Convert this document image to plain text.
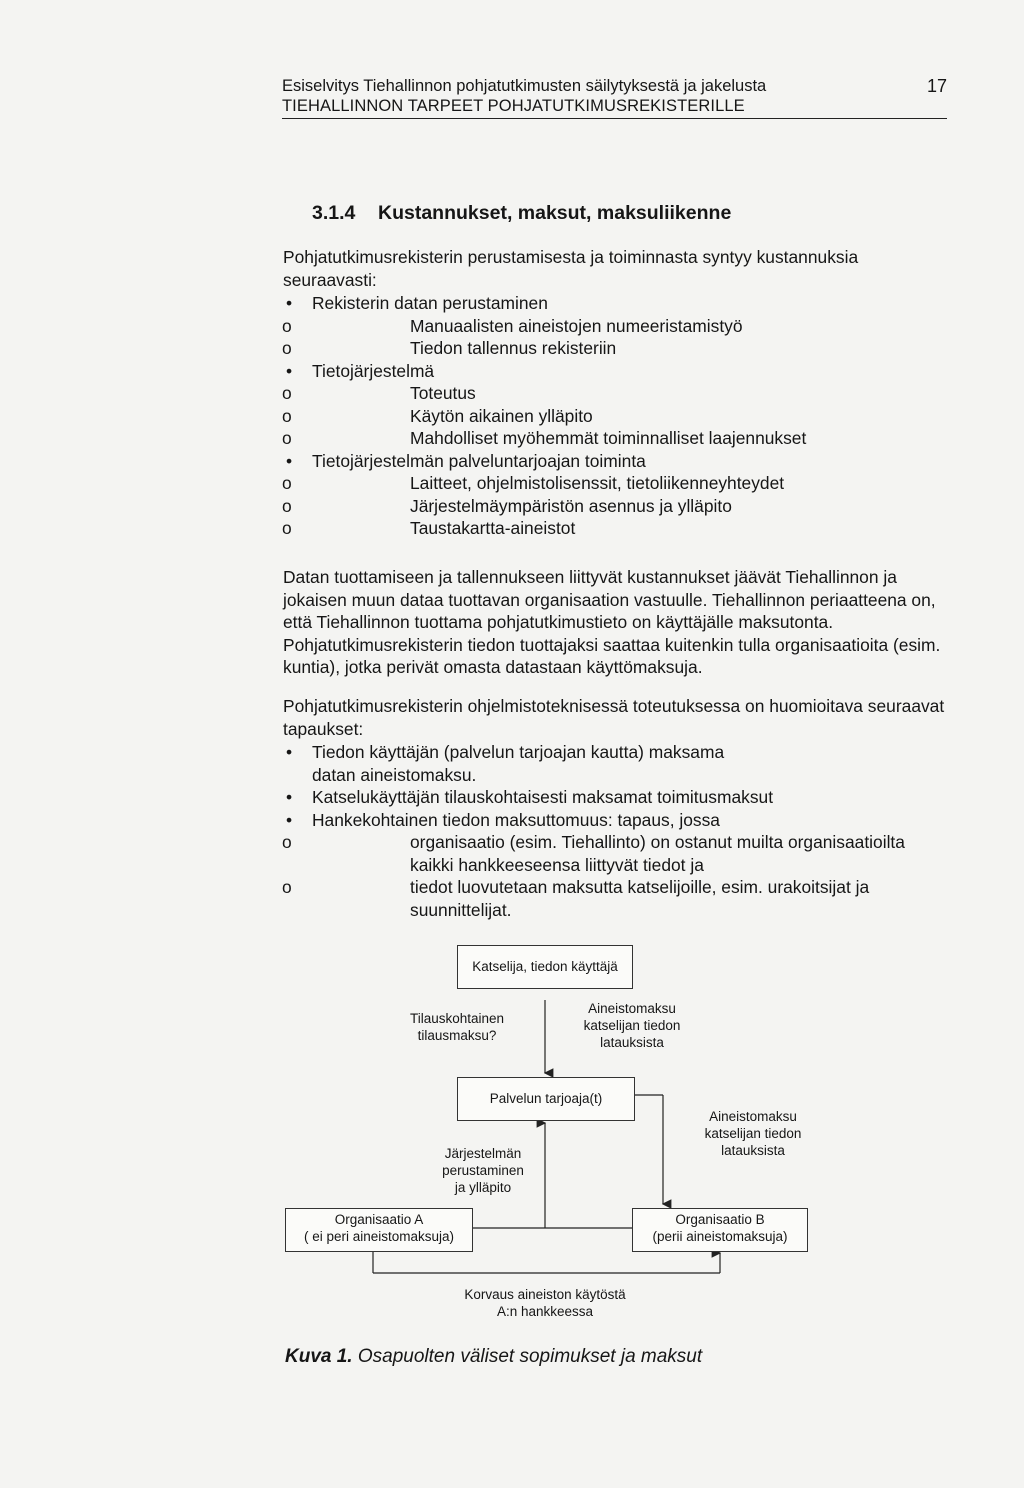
Esiselvitys Tiehallinnon pohjatutkimusten säilytyksestä ja jakelusta
TIEHALLINNON TARPEET POHJATUTKIMUSREKISTERILLE
17
3.1.4 Kustannukset, maksut, maksuliikenne
Pohjatutkimusrekisterin perustamisesta ja toiminnasta syntyy kustannuksia seuraavasti:
• Rekisterin datan perustaminen
o	Manuaalisten aineistojen numeeristamistyö
o	Tiedon tallennus rekisteriin
• Tietojärjestelmä
o	Toteutus
o	Käytön aikainen ylläpito
o	Mahdolliset myöhemmät toiminnalliset laajennukset
• Tietojärjestelmän palveluntarjoajan toiminta
o	Laitteet, ohjelmistolisenssit, tietoliikenneyhteydet
o	Järjestelmäympäristön asennus ja ylläpito
o	Taustakartta-aineistot
Datan tuottamiseen ja tallennukseen liittyvät kustannukset jäävät Tiehallinnon ja jokaisen muun dataa tuottavan organisaation vastuulle. Tiehallinnon periaatteena on, että Tiehallinnon tuottama pohjatutkimustieto on käyttäjälle maksutonta. Pohjatutkimusrekisterin tiedon tuottajaksi saattaa kuitenkin tulla organisaatioita (esim. kuntia), jotka perivät omasta datastaan käyttömaksuja.
Pohjatutkimusrekisterin ohjelmistoteknisessä toteutuksessa on huomioitava seuraavat tapaukset:
• Tiedon käyttäjän (palvelun tarjoajan kautta) maksama datan aineistomaksu.
• Katselukäyttäjän tilauskohtaisesti maksamat toimitusmaksut
• Hankekohtainen tiedon maksuttomuus: tapaus, jossa
o	organisaatio (esim. Tiehallinto) on ostanut muilta organisaatioilta kaikki hankkeeseensa liittyvät tiedot ja
o	tiedot luovutetaan maksutta katselijoille, esim. urakoitsijat ja suunnittelijat.
Katselija, tiedon käyttäjä
Palvelun tarjoaja(t)
Organisaatio A
( ei peri aineistomaksuja)
Organisaatio B
(perii aineistomaksuja)
Tilauskohtainen
tilausmaksu?
Aineistomaksu
katselijan tiedon
latauksista
Aineistomaksu
katselijan tiedon
latauksista
Järjestelmän
perustaminen
ja ylläpito
Korvaus aineiston käytöstä
A:n hankkeessa
Kuva 1. Osapuolten väliset sopimukset ja maksut
